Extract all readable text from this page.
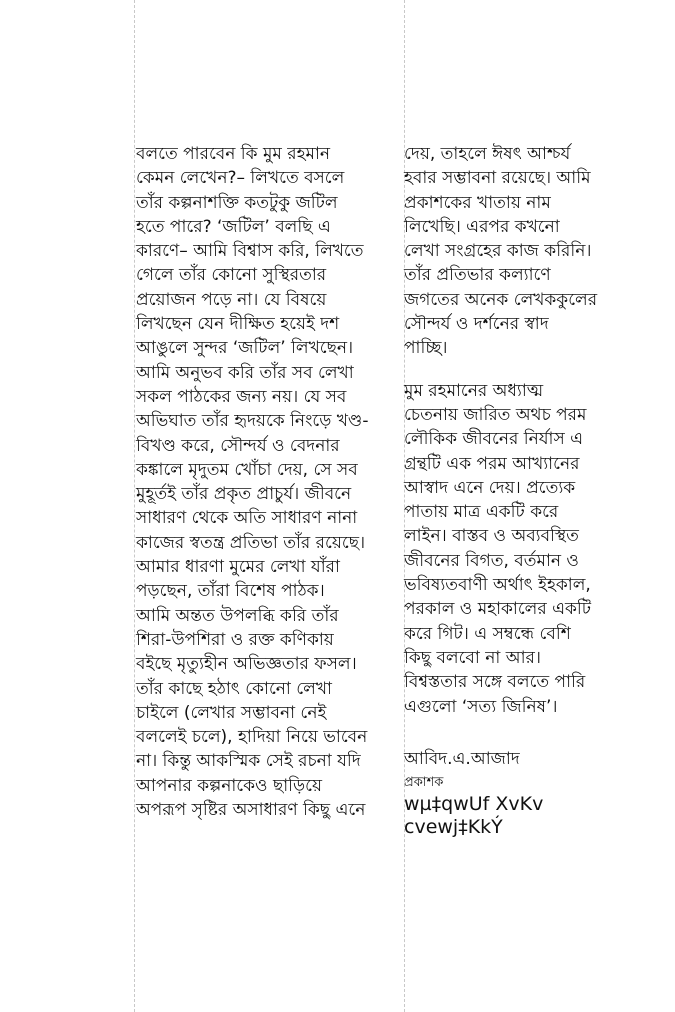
বলতে পারবেন কি মুম রহমান
কেমন লেখেন?– লিখতে বসলে
তাঁর কল্পনাশক্তি কতটুকু জটিল
হতে পারে? ‘জটিল’ বলছি এ
কারণে– আমি বিশ্বাস করি, লিখতে
গেলে তাঁর কোনো সুস্থিরতার
প্রয়োজন পড়ে না। যে বিষয়ে
লিখছেন যেন দীক্ষিত হয়েই দশ
আঙুলে সুন্দর ‘জটিল’ লিখছেন।
আমি অনুভব করি তাঁর সব লেখা
সকল পাঠকের জন্য নয়। যে সব
অভিঘাত তাঁর হৃদয়কে নিংড়ে খণ্ড-
বিখণ্ড করে, সৌন্দর্য ও বেদনার
কঙ্কালে মৃদুতম খোঁচা দেয়, সে সব
মুহূর্তই তাঁর প্রকৃত প্রাচুর্য। জীবনে
সাধারণ থেকে অতি সাধারণ নানা
কাজের স্বতন্ত্র প্রতিভা তাঁর রয়েছে।
আমার ধারণা মুমের লেখা যাঁরা
পড়ছেন, তাঁরা বিশেষ পাঠক।
আমি অন্তত উপলব্ধি করি তাঁর
শিরা-উপশিরা ও রক্ত কণিকায়
বইছে মৃত্যুহীন অভিজ্ঞতার ফসল।
তাঁর কাছে হঠাৎ কোনো লেখা
চাইলে (লেখার সম্ভাবনা নেই
বললেই চলে), হাদিয়া নিয়ে ভাবেন
না। কিন্তু আকস্মিক সেই রচনা যদি
আপনার কল্পনাকেও ছাড়িয়ে
অপরূপ সৃষ্টির অসাধারণ কিছু এনে
দেয়, তাহলে ঈষৎ আশ্চর্য
হবার সম্ভাবনা রয়েছে। আমি
প্রকাশকের খাতায় নাম
লিখেছি। এরপর কখনো
লেখা সংগ্রহের কাজ করিনি।
তাঁর প্রতিভার কল্যাণে
জগতের অনেক লেখককুলের
সৌন্দর্য ও দর্শনের স্বাদ
পাচ্ছি।
মুম রহমানের অধ্যাত্ম
চেতনায় জারিত অথচ পরম
লৌকিক জীবনের নির্যাস এ
গ্রন্থটি এক পরম আখ্যানের
আস্বাদ এনে দেয়। প্রত্যেক
পাতায় মাত্র একটি করে
লাইন। বাস্তব ও অব্যবস্থিত
জীবনের বিগত, বর্তমান ও
ভবিষ্যতবাণী অর্থাৎ ইহকাল,
পরকাল ও মহাকালের একটি
করে গিট। এ সম্বন্ধে বেশি
কিছু বলবো না আর।
বিশ্বস্ততার সঙ্গে বলতে পারি
এগুলো ‘সত্য জিনিষ’।
আবিদ.এ.আজাদ
প্রকাশক
wµ‡qwUf XvKv
cvewj‡KkÝ
